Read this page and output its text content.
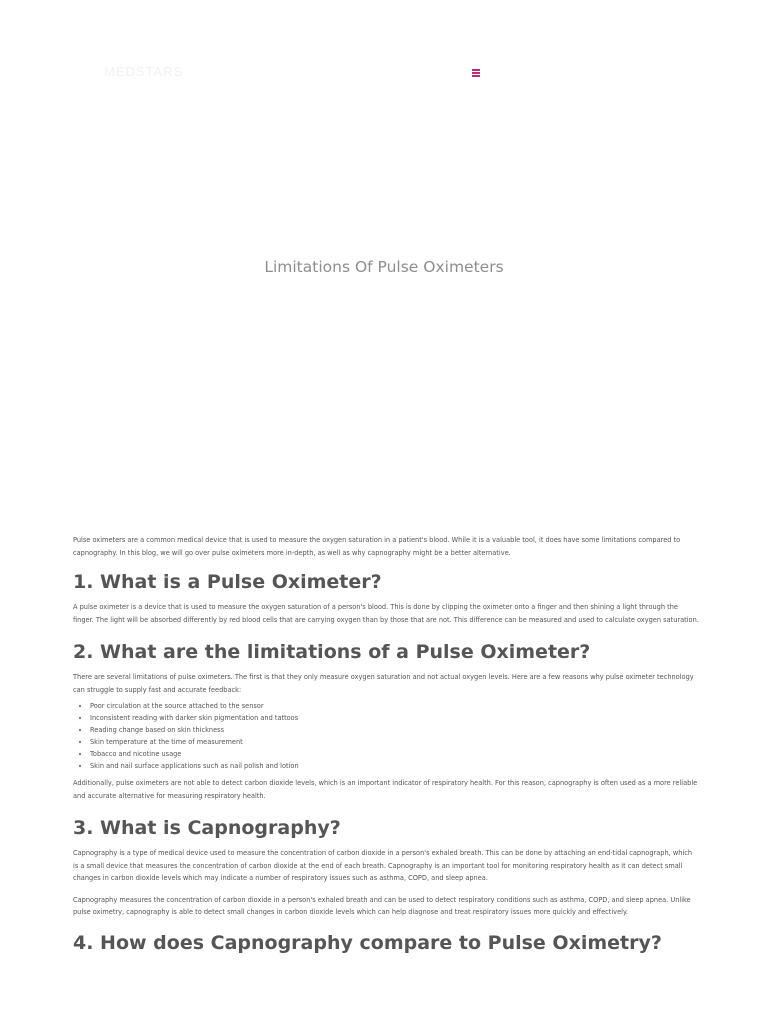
MEDSTARS
Limitations Of Pulse Oximeters

Pulse oximeters are a common medical device that is used to measure the oxygen saturation in a patient's blood. While it is a valuable tool, it does have some limitations compared to capnography. In this blog, we will go over pulse oximeters more in-depth, as well as why capnography might be a better alternative.

1. What is a Pulse Oximeter?

A pulse oximeter is a device that is used to measure the oxygen saturation of a person's blood. This is done by clipping the oximeter onto a finger and then shining a light through the finger. The light will be absorbed differently by red blood cells that are carrying oxygen than by those that are not. This difference can be measured and used to calculate oxygen saturation.

2. What are the limitations of a Pulse Oximeter?

There are several limitations of pulse oximeters. The first is that they only measure oxygen saturation and not actual oxygen levels. Here are a few reasons why pulse oximeter technology can struggle to supply fast and accurate feedback:

• Poor circulation at the source attached to the sensor
• Inconsistent reading with darker skin pigmentation and tattoos
• Reading change based on skin thickness
• Skin temperature at the time of measurement
• Tobacco and nicotine usage
• Skin and nail surface applications such as nail polish and lotion

Additionally, pulse oximeters are not able to detect carbon dioxide levels, which is an important indicator of respiratory health. For this reason, capnography is often used as a more reliable and accurate alternative for measuring respiratory health.

3. What is Capnography?

Capnography is a type of medical device used to measure the concentration of carbon dioxide in a person's exhaled breath. This can be done by attaching an end-tidal capnograph, which is a small device that measures the concentration of carbon dioxide at the end of each breath. Capnography is an important tool for monitoring respiratory health as it can detect small changes in carbon dioxide levels which may indicate a number of respiratory issues such as asthma, COPD, and sleep apnea.

Capnography measures the concentration of carbon dioxide in a person's exhaled breath and can be used to detect respiratory conditions such as asthma, COPD, and sleep apnea. Unlike pulse oximetry, capnography is able to detect small changes in carbon dioxide levels which can help diagnose and treat respiratory issues more quickly and effectively.

4. How does Capnography compare to Pulse Oximetry?
